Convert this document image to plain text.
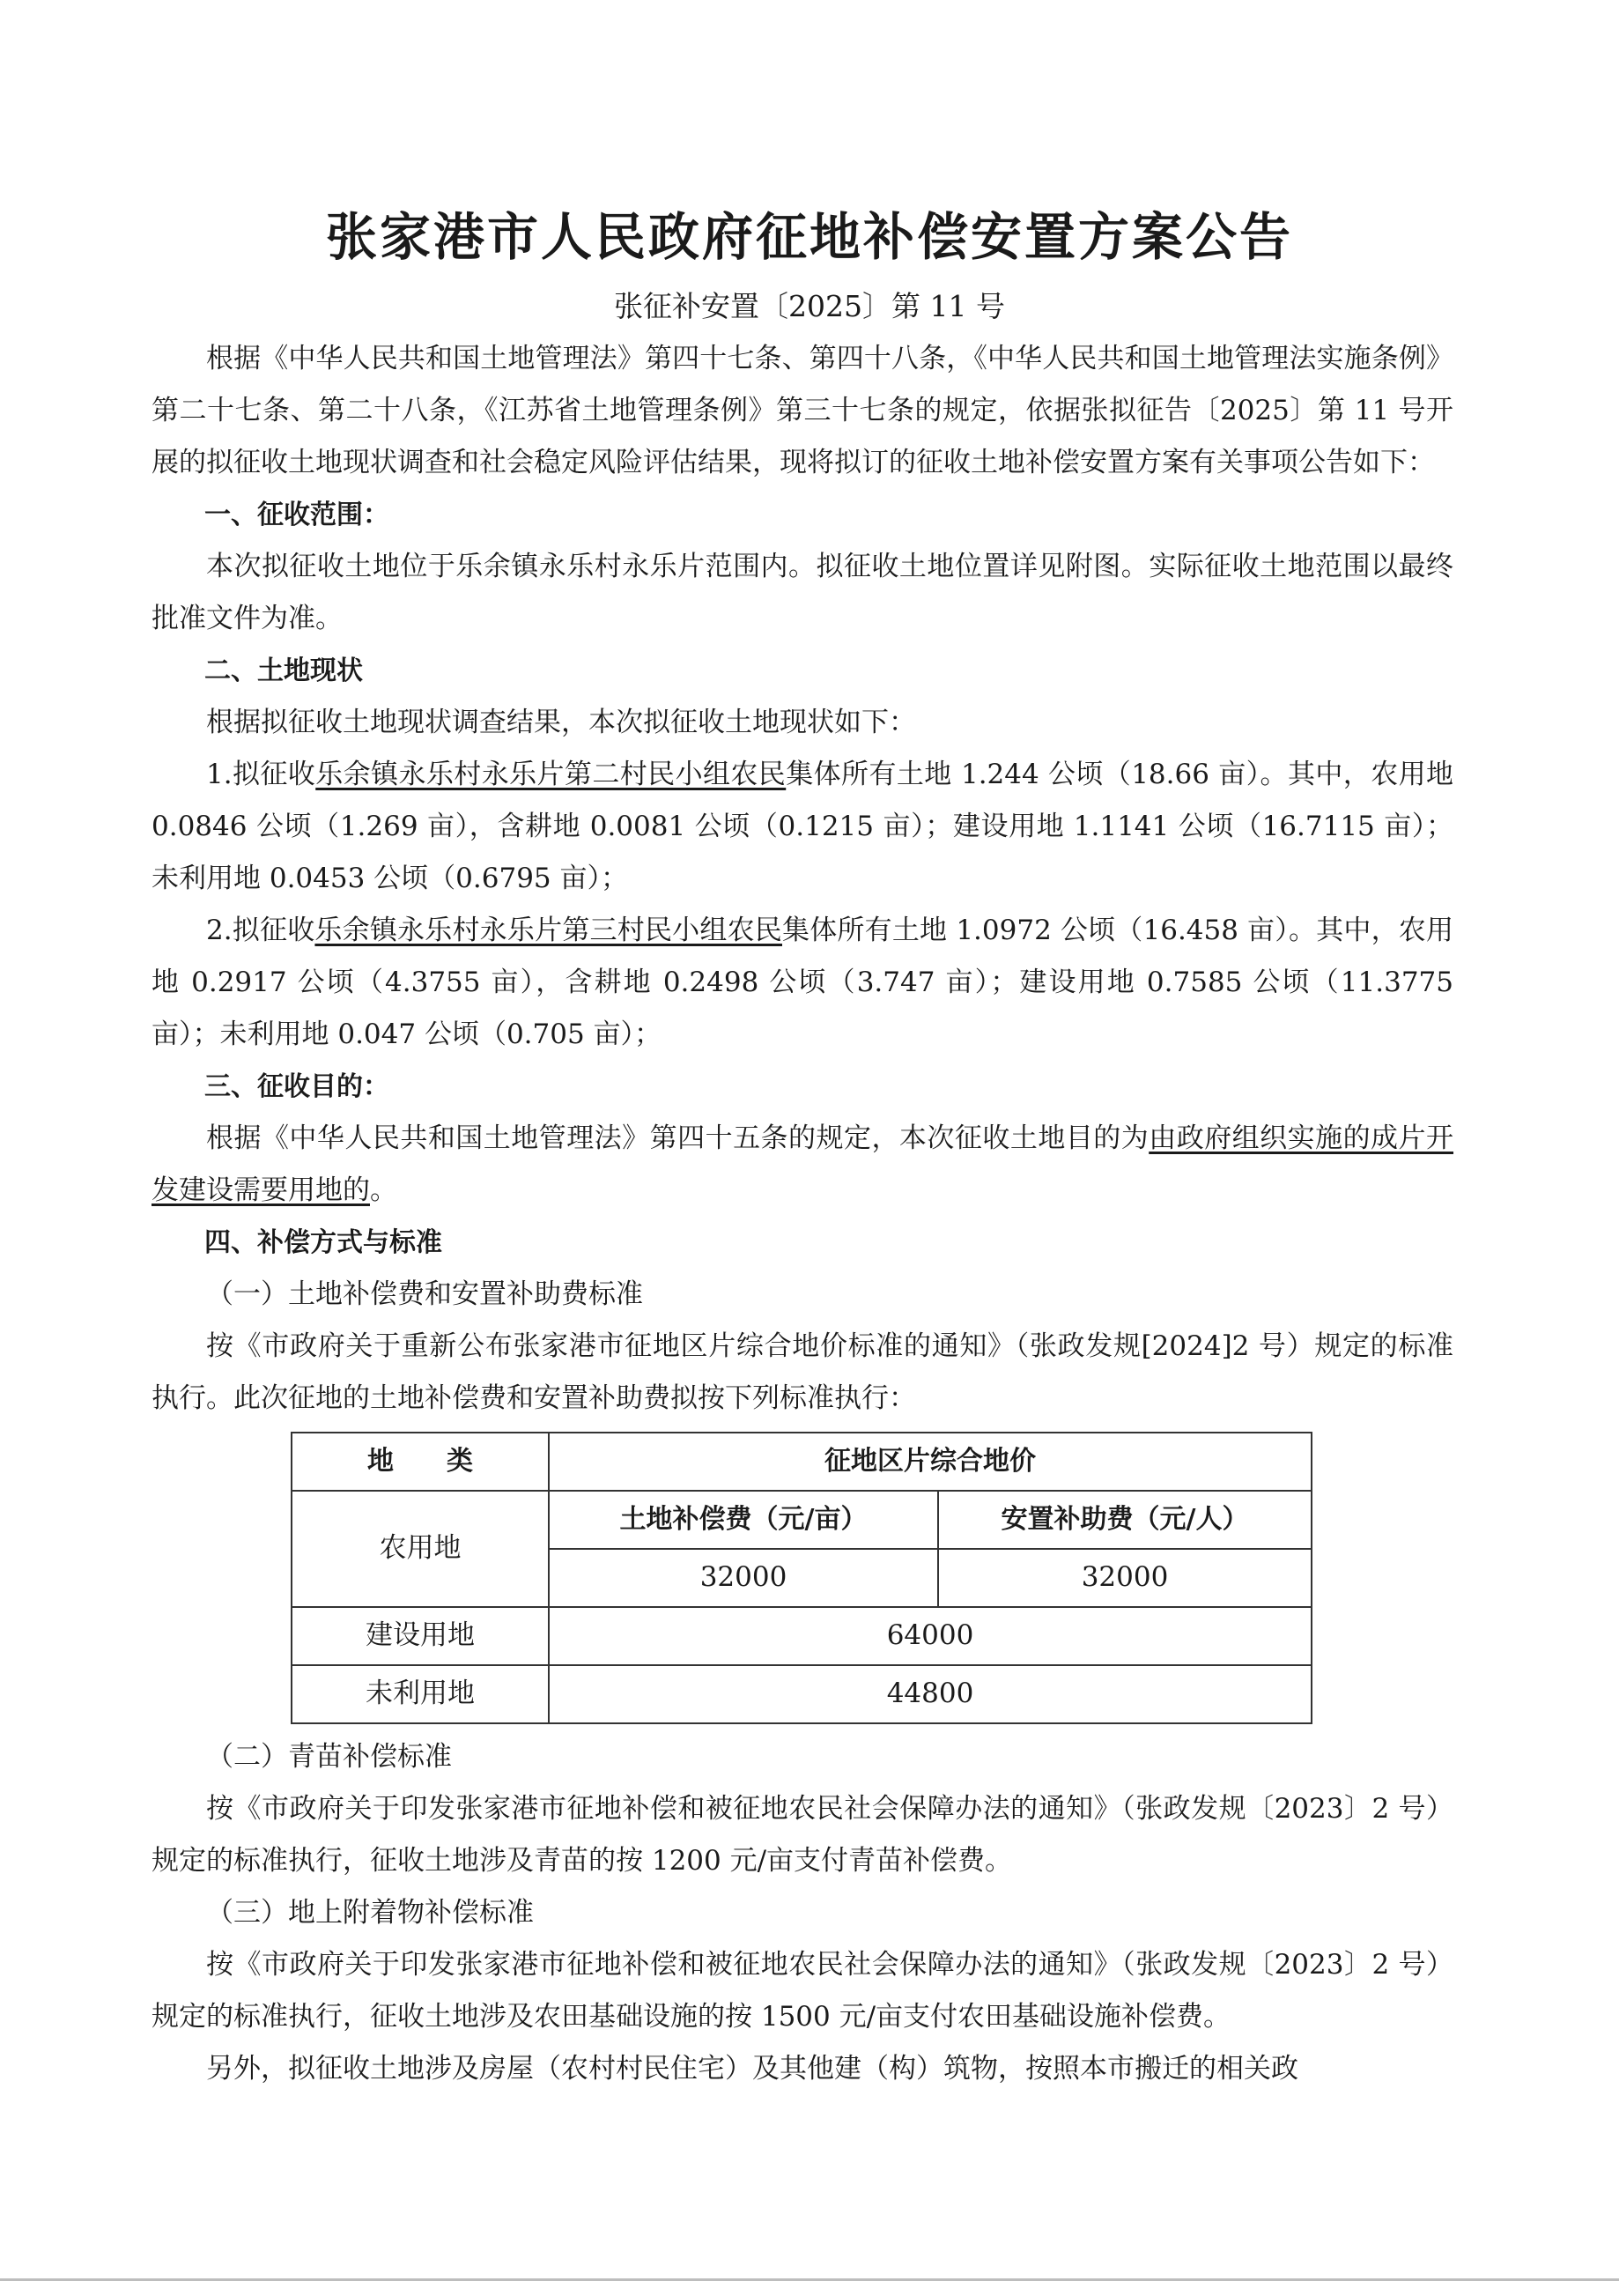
张家港市人民政府征地补偿安置方案公告
张征补安置〔2025〕第 11 号

根据《中华人民共和国土地管理法》第四十七条、第四十八条，《中华人民共和国土地管理法实施条例》第二十七条、第二十八条，《江苏省土地管理条例》第三十七条的规定，依据张拟征告〔2025〕第 11 号开展的拟征收土地现状调查和社会稳定风险评估结果，现将拟订的征收土地补偿安置方案有关事项公告如下：

一、征收范围：

本次拟征收土地位于乐余镇永乐村永乐片范围内。拟征收土地位置详见附图。实际征收土地范围以最终批准文件为准。

二、土地现状

根据拟征收土地现状调查结果，本次拟征收土地现状如下：

1.拟征收乐余镇永乐村永乐片第二村民小组农民集体所有土地 1.244 公顷（18.66 亩）。其中，农用地 0.0846 公顷（1.269 亩），含耕地 0.0081 公顷（0.1215 亩）；建设用地 1.1141 公顷（16.7115 亩）；未利用地 0.0453 公顷（0.6795 亩）；

2.拟征收乐余镇永乐村永乐片第三村民小组农民集体所有土地 1.0972 公顷（16.458 亩）。其中，农用地 0.2917 公顷（4.3755 亩），含耕地 0.2498 公顷（3.747 亩）；建设用地 0.7585 公顷（11.3775 亩）；未利用地 0.047 公顷（0.705 亩）；

三、征收目的：

根据《中华人民共和国土地管理法》第四十五条的规定，本次征收土地目的为由政府组织实施的成片开发建设需要用地的。

四、补偿方式与标准

（一）土地补偿费和安置补助费标准

按《市政府关于重新公布张家港市征地区片综合地价标准的通知》（张政发规[2024]2 号）规定的标准执行。此次征地的土地补偿费和安置补助费拟按下列标准执行：

地　　类	征地区片综合地价	
农用地	土地补偿费（元/亩）	安置补助费（元/人）
	32000	32000
建设用地	64000	
未利用地	44800	

（二）青苗补偿标准

按《市政府关于印发张家港市征地补偿和被征地农民社会保障办法的通知》（张政发规〔2023〕2 号）规定的标准执行，征收土地涉及青苗的按 1200 元/亩支付青苗补偿费。

（三）地上附着物补偿标准

按《市政府关于印发张家港市征地补偿和被征地农民社会保障办法的通知》（张政发规〔2023〕2 号）规定的标准执行，征收土地涉及农田基础设施的按 1500 元/亩支付农田基础设施补偿费。

另外，拟征收土地涉及房屋（农村村民住宅）及其他建（构）筑物，按照本市搬迁的相关政
